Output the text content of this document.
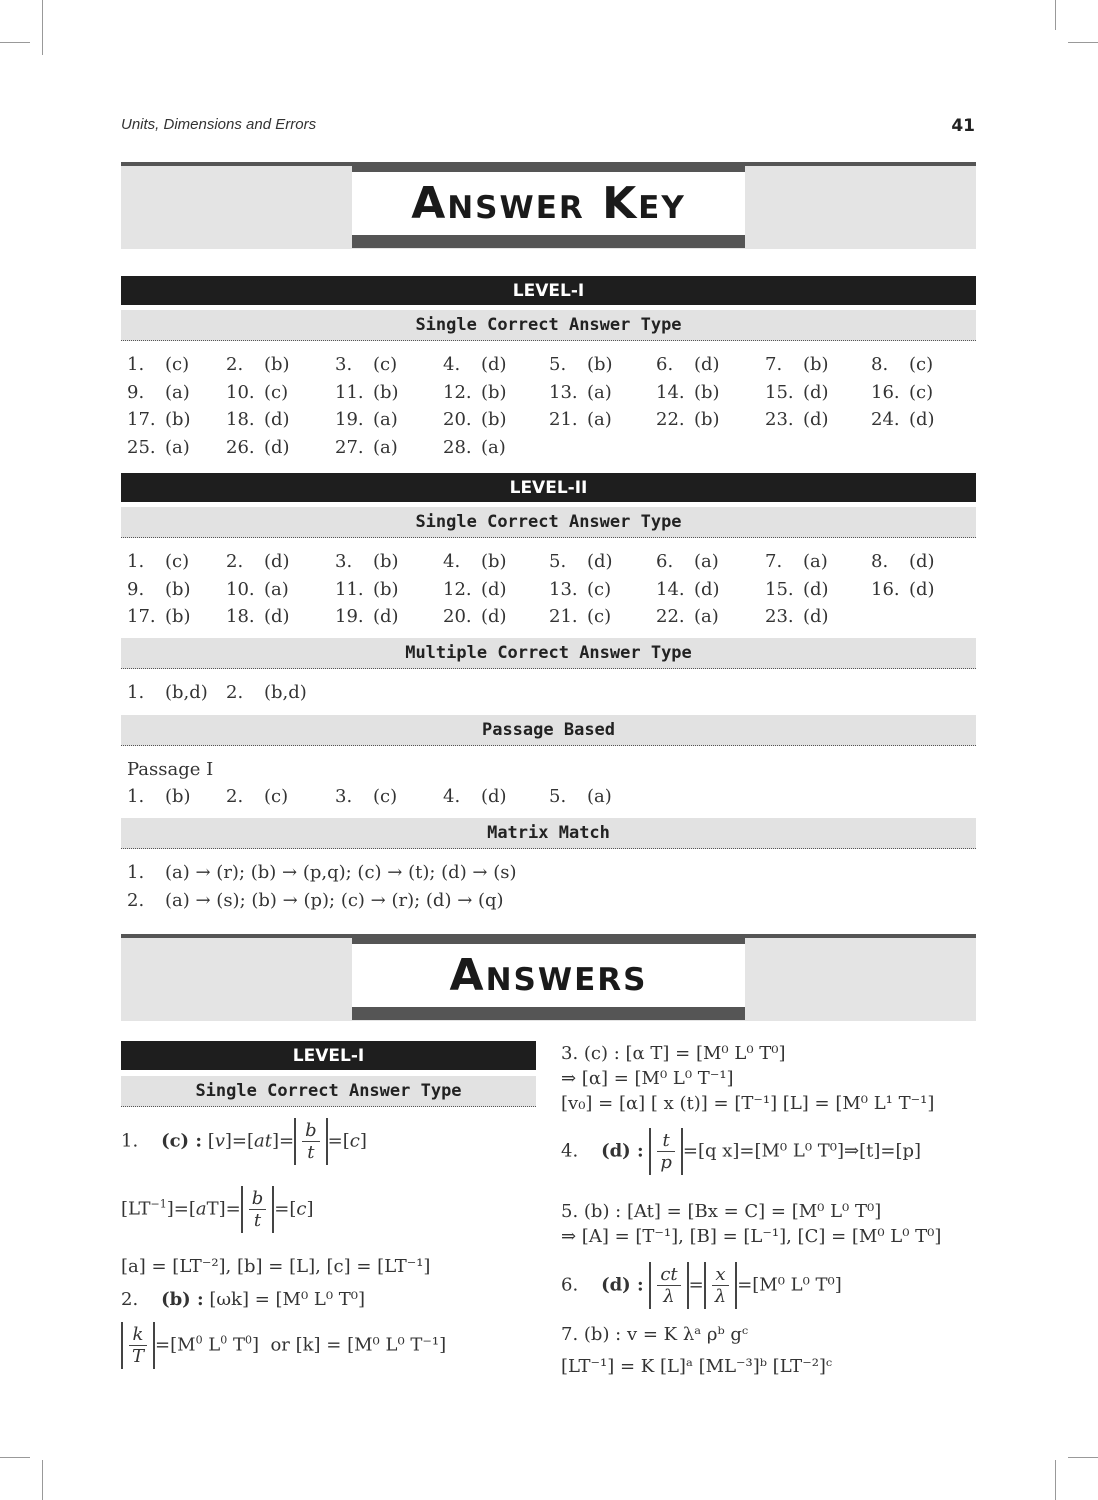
Units, Dimensions and Errors	41
Answer Key
LEVEL-I
Single Correct Answer Type
1. (c) 2. (b)	3. (c)	4. (d) 5. (b) 6. (d)	7. (b) 8. (c)
9. (a) 10. (c)	11. (b) 12. (b) 13. (a) 14. (b)	15. (d) 16. (c)
17. (b) 18. (d)	19. (a)	20. (b) 21. (a) 22. (b)	23. (d) 24. (d)
25. (a) 26. (d)	27. (a)	28. (a)
LEVEL-II
Single Correct Answer Type
1. (c) 2. (d)	3. (b) 4. (b) 5. (d) 6. (a)	7. (a) 8. (d)
9. (b) 10. (a)	11. (b) 12. (d) 13. (c) 14. (d)	15. (d) 16. (d)
17. (b) 18. (d)	19. (d) 20. (d) 21. (c) 22. (a)	23. (d)
Multiple Correct Answer Type
1. (b,d) 2. (b,d)
Passage Based
Passage I
1. (b) 2. (c)	3. (c)	4. (d) 5. (a)
Matrix Match
1. (a) → (r); (b) → (p,q); (c) → (t); (d) → (s)
2. (a) → (s); (b) → (p); (c) → (r); (d) → (q)
Answers
LEVEL-I
Single Correct Answer Type
1. (c) : $[v]=[at]= \frac{b}{t} =[c]$
$[LT^{-1}]=[aT]= \frac{b}{t} =[c]$
[a] = [LT⁻²], [b] = [L], [c] = [LT⁻¹]
2. (b) : [ωk] = [M⁰ L⁰ T⁰]
$\frac{k}{T} =[M^0$ $L^0$ $T^0$]  or [k] = [M⁰ L⁰ T⁻¹]
3. (c) : [α T] = [M⁰ L⁰ T⁰]
⇒ [α] = [M⁰ L⁰ T⁻¹]
[v₀] = [α] [ x (t)] = [T⁻¹] [L] = [M⁰ L¹ T⁻¹]
4. (d) : $\frac{t}{p} =[q$ x]=[M⁰ L⁰ T⁰]⇒[t]=[p]
5. (b) : [At] = [Bx = C] = [M⁰ L⁰ T⁰]
⇒ [A] = [T⁻¹], [B] = [L⁻¹], [C] = [M⁰ L⁰ T⁰]
6. (d) : $\frac{ct}{\lambda} = \frac{x}{\lambda} =[M^0$ L⁰ T⁰]
7. (b) : v = K λᵃ ρᵇ gᶜ
[LT⁻¹] = K [L]ᵃ [ML⁻³]ᵇ [LT⁻²]ᶜ
